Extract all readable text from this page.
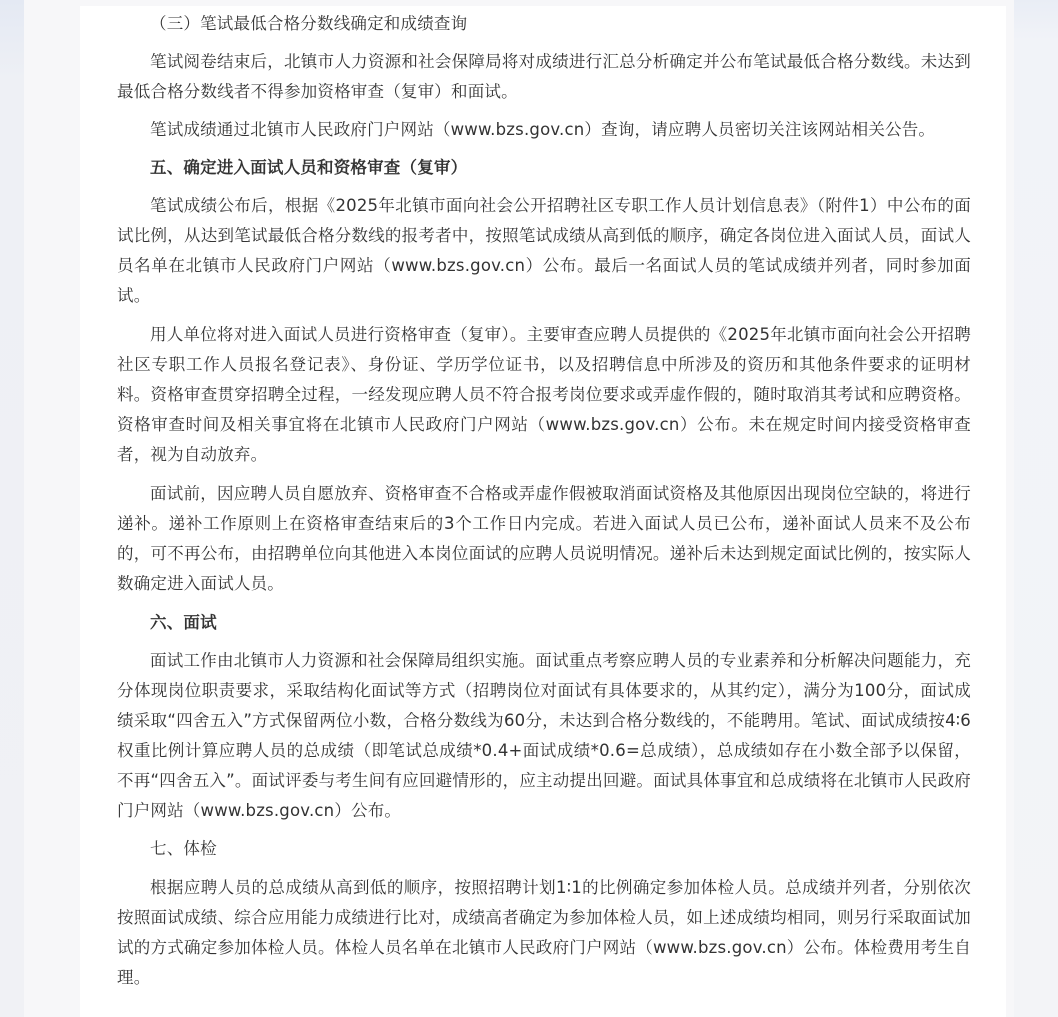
（三）笔试最低合格分数线确定和成绩查询

笔试阅卷结束后，北镇市人力资源和社会保障局将对成绩进行汇总分析确定并公布笔试最低合格分数线。未达到最低合格分数线者不得参加资格审查（复审）和面试。

笔试成绩通过北镇市人民政府门户网站（www.bzs.gov.cn）查询，请应聘人员密切关注该网站相关公告。

五、确定进入面试人员和资格审查（复审）

笔试成绩公布后，根据《2025年北镇市面向社会公开招聘社区专职工作人员计划信息表》（附件1）中公布的面试比例，从达到笔试最低合格分数线的报考者中，按照笔试成绩从高到低的顺序，确定各岗位进入面试人员，面试人员名单在北镇市人民政府门户网站（www.bzs.gov.cn）公布。最后一名面试人员的笔试成绩并列者，同时参加面试。

用人单位将对进入面试人员进行资格审查（复审）。主要审查应聘人员提供的《2025年北镇市面向社会公开招聘社区专职工作人员报名登记表》、身份证、学历学位证书，以及招聘信息中所涉及的资历和其他条件要求的证明材料。资格审查贯穿招聘全过程，一经发现应聘人员不符合报考岗位要求或弄虚作假的，随时取消其考试和应聘资格。资格审查时间及相关事宜将在北镇市人民政府门户网站（www.bzs.gov.cn）公布。未在规定时间内接受资格审查者，视为自动放弃。

面试前，因应聘人员自愿放弃、资格审查不合格或弄虚作假被取消面试资格及其他原因出现岗位空缺的，将进行递补。递补工作原则上在资格审查结束后的3个工作日内完成。若进入面试人员已公布，递补面试人员来不及公布的，可不再公布，由招聘单位向其他进入本岗位面试的应聘人员说明情况。递补后未达到规定面试比例的，按实际人数确定进入面试人员。

六、面试

面试工作由北镇市人力资源和社会保障局组织实施。面试重点考察应聘人员的专业素养和分析解决问题能力，充分体现岗位职责要求，采取结构化面试等方式（招聘岗位对面试有具体要求的，从其约定），满分为100分，面试成绩采取“四舍五入”方式保留两位小数，合格分数线为60分，未达到合格分数线的，不能聘用。笔试、面试成绩按4∶6权重比例计算应聘人员的总成绩（即笔试总成绩*0.4+面试成绩*0.6=总成绩），总成绩如存在小数全部予以保留，不再“四舍五入”。面试评委与考生间有应回避情形的，应主动提出回避。面试具体事宜和总成绩将在北镇市人民政府门户网站（www.bzs.gov.cn）公布。

七、体检

根据应聘人员的总成绩从高到低的顺序，按照招聘计划1∶1的比例确定参加体检人员。总成绩并列者，分别依次按照面试成绩、综合应用能力成绩进行比对，成绩高者确定为参加体检人员，如上述成绩均相同，则另行采取面试加试的方式确定参加体检人员。体检人员名单在北镇市人民政府门户网站（www.bzs.gov.cn）公布。体检费用考生自理。
